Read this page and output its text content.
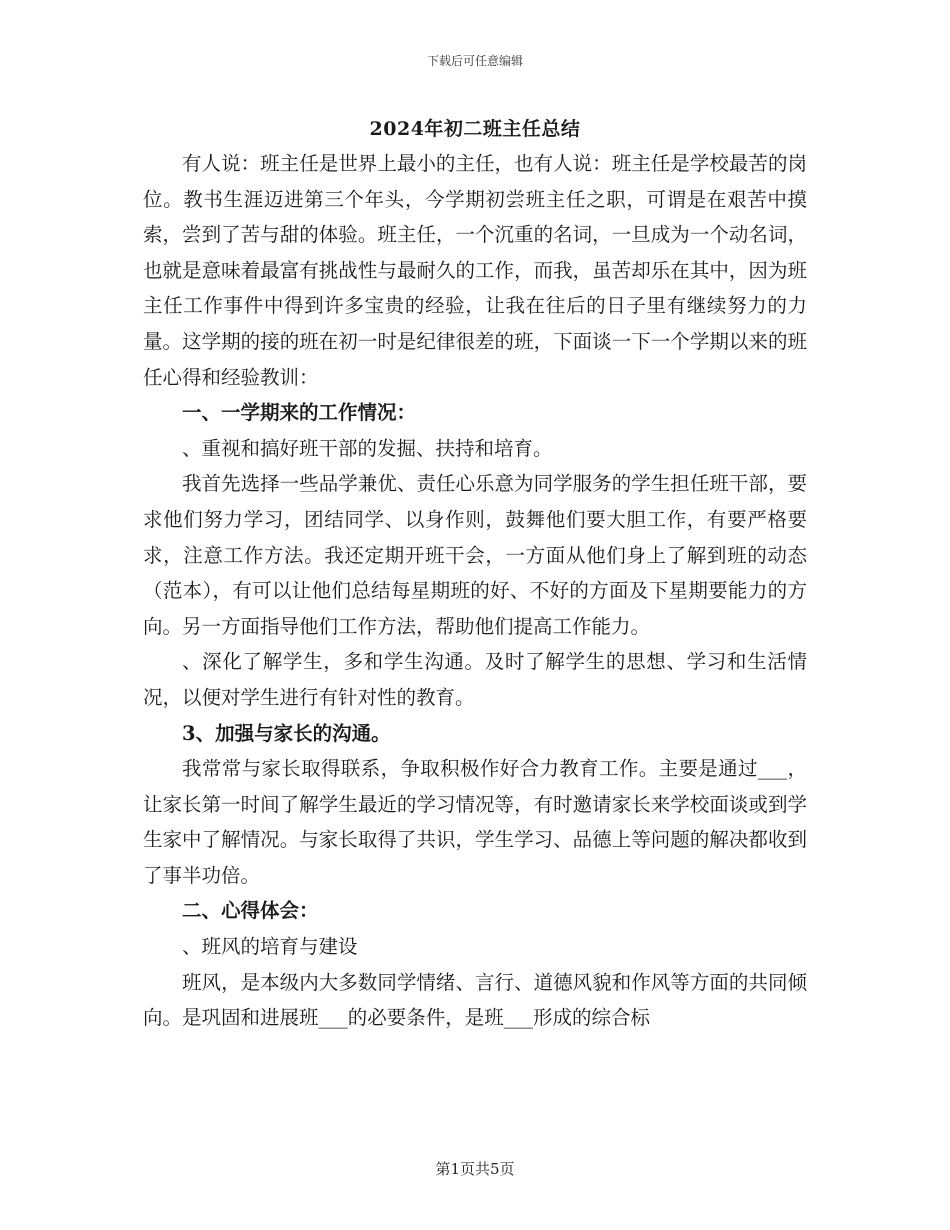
下载后可任意编辑
2024年初二班主任总结

有人说：班主任是世界上最小的主任，也有人说：班主任是学校最苦的岗位。教书生涯迈进第三个年头，今学期初尝班主任之职，可谓是在艰苦中摸索，尝到了苦与甜的体验。班主任，一个沉重的名词，一旦成为一个动名词，也就是意味着最富有挑战性与最耐久的工作，而我，虽苦却乐在其中，因为班主任工作事件中得到许多宝贵的经验，让我在往后的日子里有继续努力的力量。这学期的接的班在初一时是纪律很差的班，下面谈一下一个学期以来的班任心得和经验教训：

一、一学期来的工作情况：

、重视和搞好班干部的发掘、扶持和培育。

我首先选择一些品学兼优、责任心乐意为同学服务的学生担任班干部，要求他们努力学习，团结同学、以身作则，鼓舞他们要大胆工作，有要严格要求，注意工作方法。我还定期开班干会，一方面从他们身上了解到班的动态（范本），有可以让他们总结每星期班的好、不好的方面及下星期要能力的方向。另一方面指导他们工作方法，帮助他们提高工作能力。

、深化了解学生，多和学生沟通。及时了解学生的思想、学习和生活情况，以便对学生进行有针对性的教育。

3、加强与家长的沟通。

我常常与家长取得联系，争取积极作好合力教育工作。主要是通过___，让家长第一时间了解学生最近的学习情况等，有时邀请家长来学校面谈或到学生家中了解情况。与家长取得了共识，学生学习、品德上等问题的解决都收到了事半功倍。

二、心得体会：

、班风的培育与建设

班风，是本级内大多数同学情绪、言行、道德风貌和作风等方面的共同倾向。是巩固和进展班___的必要条件，是班___形成的综合标

第1页共5页
